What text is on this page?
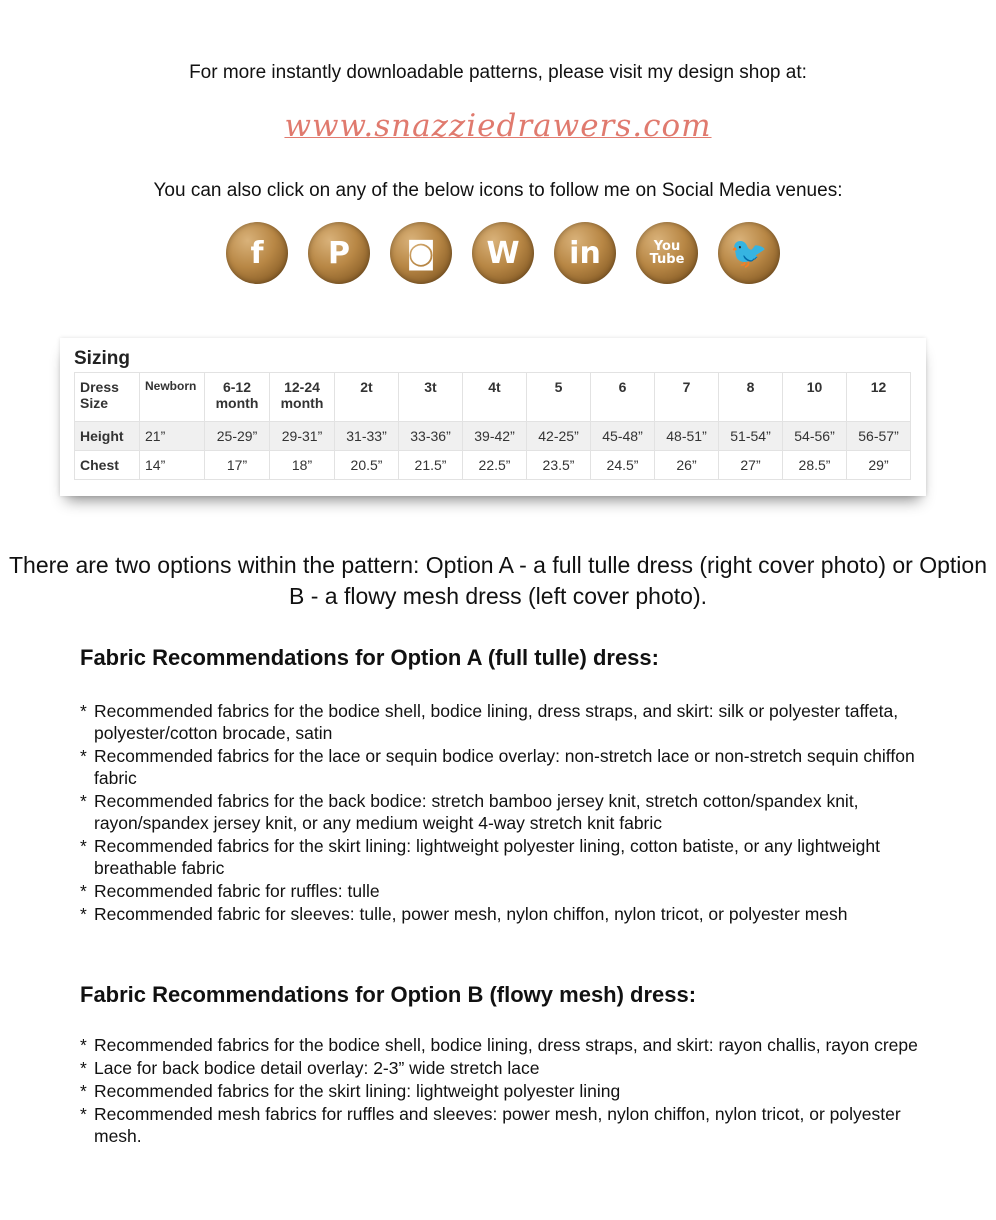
For more instantly downloadable patterns, please visit my design shop at:
www.snazziedrawers.com
You can also click on any of the below icons to follow me on Social Media venues:
f	P	◙	W	in	You Tube	🐦
Sizing
Dress Size	Newborn	6-12 month	12-24 month	2t	3t	4t	5	6	7	8	10	12
Height	21”	25-29”	29-31”	31-33”	33-36”	39-42”	42-25”	45-48”	48-51”	51-54”	54-56”	56-57”
Chest	14”	17”	18”	20.5”	21.5”	22.5”	23.5”	24.5”	26”	27”	28.5”	29”
There are two options within the pattern: Option A - a full tulle dress (right cover photo) or Option B - a flowy mesh dress (left cover photo).
Fabric Recommendations for Option A (full tulle) dress:
* Recommended fabrics for the bodice shell, bodice lining, dress straps, and skirt: silk or polyester taffeta, polyester/cotton brocade, satin
* Recommended fabrics for the lace or sequin bodice overlay: non-stretch lace or non-stretch sequin chiffon fabric
* Recommended fabrics for the back bodice: stretch bamboo jersey knit, stretch cotton/spandex knit, rayon/spandex jersey knit, or any medium weight 4-way stretch knit fabric
* Recommended fabrics for the skirt lining: lightweight polyester lining, cotton batiste, or any lightweight breathable fabric
* Recommended fabric for ruffles: tulle
* Recommended fabric for sleeves: tulle, power mesh, nylon chiffon, nylon tricot, or polyester mesh
Fabric Recommendations for Option B (flowy mesh) dress:
* Recommended fabrics for the bodice shell, bodice lining, dress straps, and skirt: rayon challis, rayon crepe
* Lace for back bodice detail overlay: 2-3” wide stretch lace
* Recommended fabrics for the skirt lining: lightweight polyester lining
* Recommended mesh fabrics for ruffles and sleeves: power mesh, nylon chiffon, nylon tricot, or polyester mesh.
